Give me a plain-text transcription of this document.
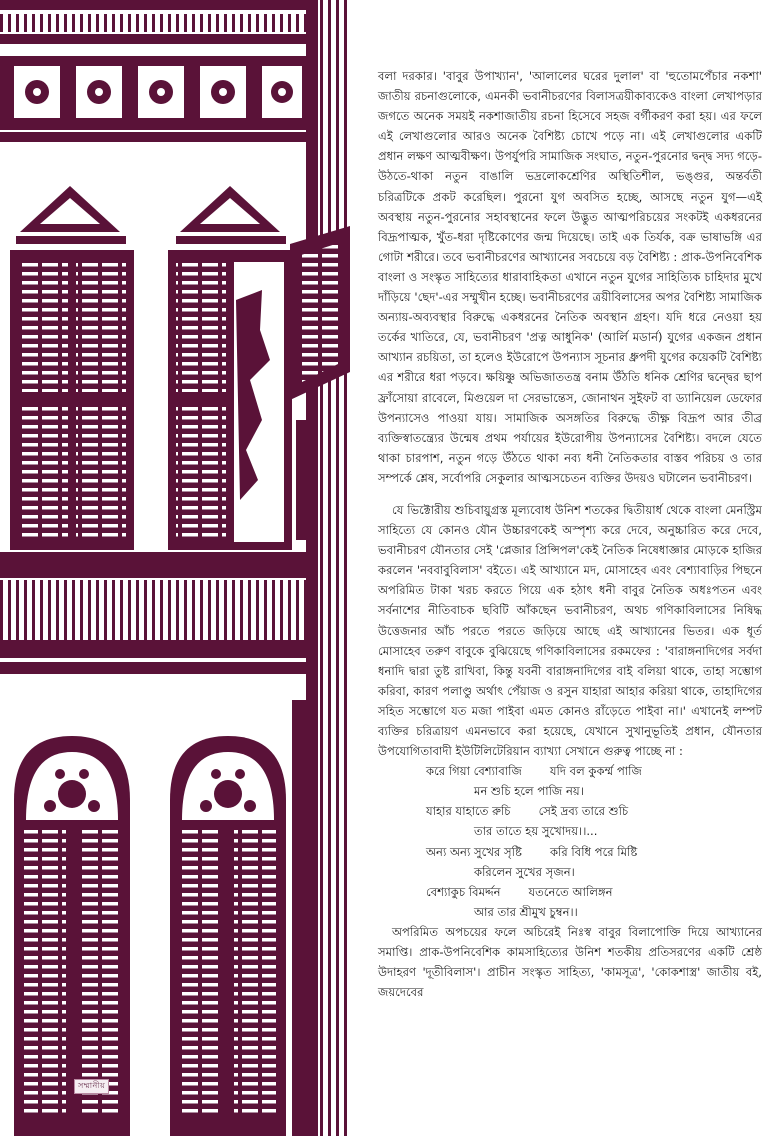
সম্মানীয়

বলা দরকার। 'বাবুর উপাখ্যান', 'আলালের ঘরের দুলাল' বা 'হুতোমপেঁচার নকশা' জাতীয় রচনাগুলোকে, এমনকী ভবানীচরণের বিলাসত্রয়ীকাব্যকেও বাংলা লেখাপড়ার জগতে অনেক সময়ই নকশাজাতীয় রচনা হিসেবে সহজ বর্গীকরণ করা হয়। এর ফলে এই লেখাগুলোর আরও অনেক বৈশিষ্ট্য চোখে পড়ে না। এই লেখাগুলোর একটি প্রধান লক্ষণ আত্মবীক্ষণ। উপর্যুপরি সামাজিক সংঘাত, নতুন-পুরনোর দ্বন্দ্ব সদ্য গড়ে-উঠতে-থাকা নতুন বাঙালি ভদ্রলোকশ্রেণির অস্থিতিশীল, ভঙ্গুর, অন্তর্বতী চরিত্রটিকে প্রকট করেছিল। পুরনো যুগ অবসিত হচ্ছে, আসছে নতুন যুগ—এই অবস্থায় নতুন-পুরনোর সহাবস্থানের ফলে উদ্ভুত আত্মপরিচয়ের সংকটই একধরনের বিদ্রূপাত্মক, খুঁত-ধরা দৃষ্টিকোণের জন্ম দিয়েছে। তাই এক তির্যক, বক্র ভাষাভঙ্গি এর গোটা শরীরে। তবে ভবানীচরণের আখ্যানের সবচেয়ে বড় বৈশিষ্ট্য : প্রাক-উপনিবেশিক বাংলা ও সংস্কৃত সাহিত্যের ধারাবাহিকতা এখানে নতুন যুগের সাহিত্যিক চাহিদার মুখে দাঁড়িয়ে 'ছেদ'-এর সম্মুখীন হচ্ছে। ভবানীচরণের ত্রয়ীবিলাসের অপর বৈশিষ্ট্য সামাজিক অন্যায়-অব্যবস্থার বিরুদ্ধে একধরনের নৈতিক অবস্থান গ্রহণ। যদি ধরে নেওয়া হয় তর্কের খাতিরে, যে, ভবানীচরণ 'প্রত্ন আধুনিক' (আর্লি মডার্ন) যুগের একজন প্রধান আখ্যান রচয়িতা, তা হলেও ইউরোপে উপন্যাস সূচনার ধ্রুপদী যুগের কয়েকটি বৈশিষ্ট্য এর শরীরে ধরা পড়বে। ক্ষয়িষ্ণু অভিজাততন্ত্র বনাম উঁঠতি ধনিক শ্রেণির দ্বন্দ্বের ছাপ ফ্রাঁসোয়া রাবেলে, মিগুয়েল দা সেরভান্তেস, জোনাথন সুইফট বা ড্যানিয়েল ডেফোর উপন্যাসেও পাওয়া যায়। সামাজিক অসঙ্গতির বিরুদ্ধে তীক্ষ্ণ বিদ্রূপ আর তীব্র ব্যক্তিস্বাতন্ত্র্যের উন্মেষ প্রথম পর্যায়ের ইউরোপীয় উপন্যাসের বৈশিষ্ট্য। বদলে যেতে থাকা চারপাশ, নতুন গড়ে উঁঠতে থাকা নব্য ধনী নৈতিকতার বাস্তব পরিচয় ও তার সম্পর্কে শ্লেষ, সর্বোপরি সেকুলার আত্মসচেতন ব্যক্তির উদয়ও ঘটালেন ভবানীচরণ।

যে ভিক্টোরীয় শুচিবায়ুগ্রস্ত মূল্যবোধ উনিশ শতকের দ্বিতীয়ার্ধ থেকে বাংলা মেনস্ট্রিম সাহিত্যে যে কোনও যৌন উচ্চারণকেই অস্পৃশ্য করে দেবে, অনুচ্চারিত করে দেবে, ভবানীচরণ যৌনতার সেই 'প্লেজার প্রিন্সিপল'কেই নৈতিক নিষেধাজ্ঞার মোড়কে হাজির করলেন 'নববাবুবিলাস' বইতে। এই আখ্যানে মদ, মোসাহেব এবং বেশ্যাবাড়ির পিছনে অপরিমিত টাকা খরচ করতে গিয়ে এক হঠাৎ ধনী বাবুর নৈতিক অধঃপতন এবং সর্বনাশের নীতিবাচক ছবিটি আঁকছেন ভবানীচরণ, অথচ গণিকাবিলাসের নিষিদ্ধ উত্তেজনার আঁচ পরতে পরতে জড়িয়ে আছে এই আখ্যানের ভিতর। এক ধূর্ত মোসাহেব তরুণ বাবুকে বুঝিয়েছে গণিকাবিলাসের রকমফের : 'বারাঙ্গনাদিগের সর্বদা ধনাদি দ্বারা তুষ্ট রাখিবা, কিন্তু যবনী বারাঙ্গনাদিগের বাই বলিয়া থাকে, তাহা সম্ভোগ করিবা, কারণ পলাণ্ডু অর্থাৎ পেঁয়াজ ও রসুন যাহারা আহার করিয়া থাকে, তাহাদিগের সহিত সম্ভোগে যত মজা পাইবা এমত কোনও রাঁড়েতে পাইবা না।' এখানেই লম্পট ব্যক্তির চরিত্রায়ণ এমনভাবে করা হয়েছে, যেখানে সুখানুভূতিই প্রধান, যৌনতার উপযোগিতাবাদী ইউটিলিটেরিয়ান ব্যাখ্যা সেখানে গুরুত্ব পাচ্ছে না :

করে গিয়া বেশ্যাবাজি যদি বল কুকর্ম্ম পাজি
মন শুচি হলে পাজি নয়।
যাহার যাহাতে রুচি সেই দ্রব্য তারে শুচি
তার তাতে হয় সুখোদয়।।...
অন্য অন্য সুখের সৃষ্টি করি বিধি পরে মিষ্টি
করিলেন সুখের সৃজন।
বেশ্যাকুচ বিমর্দ্দন যতনেতে আলিঙ্গন
আর তার শ্রীমুখ চুম্বন।।

অপরিমিত অপচয়ের ফলে অচিরেই নিঃস্ব বাবুর বিলাপোক্তি দিয়ে আখ্যানের সমাপ্তি। প্রাক-উপনিবেশিক কামসাহিত্যের উনিশ শতকীয় প্রতিসরণের একটি শ্রেষ্ঠ উদাহরণ 'দূতীবিলাস'। প্রাচীন সংস্কৃত সাহিত্য, 'কামসূত্র', 'কোকশাস্ত্র' জাতীয় বই, জয়দেবের
